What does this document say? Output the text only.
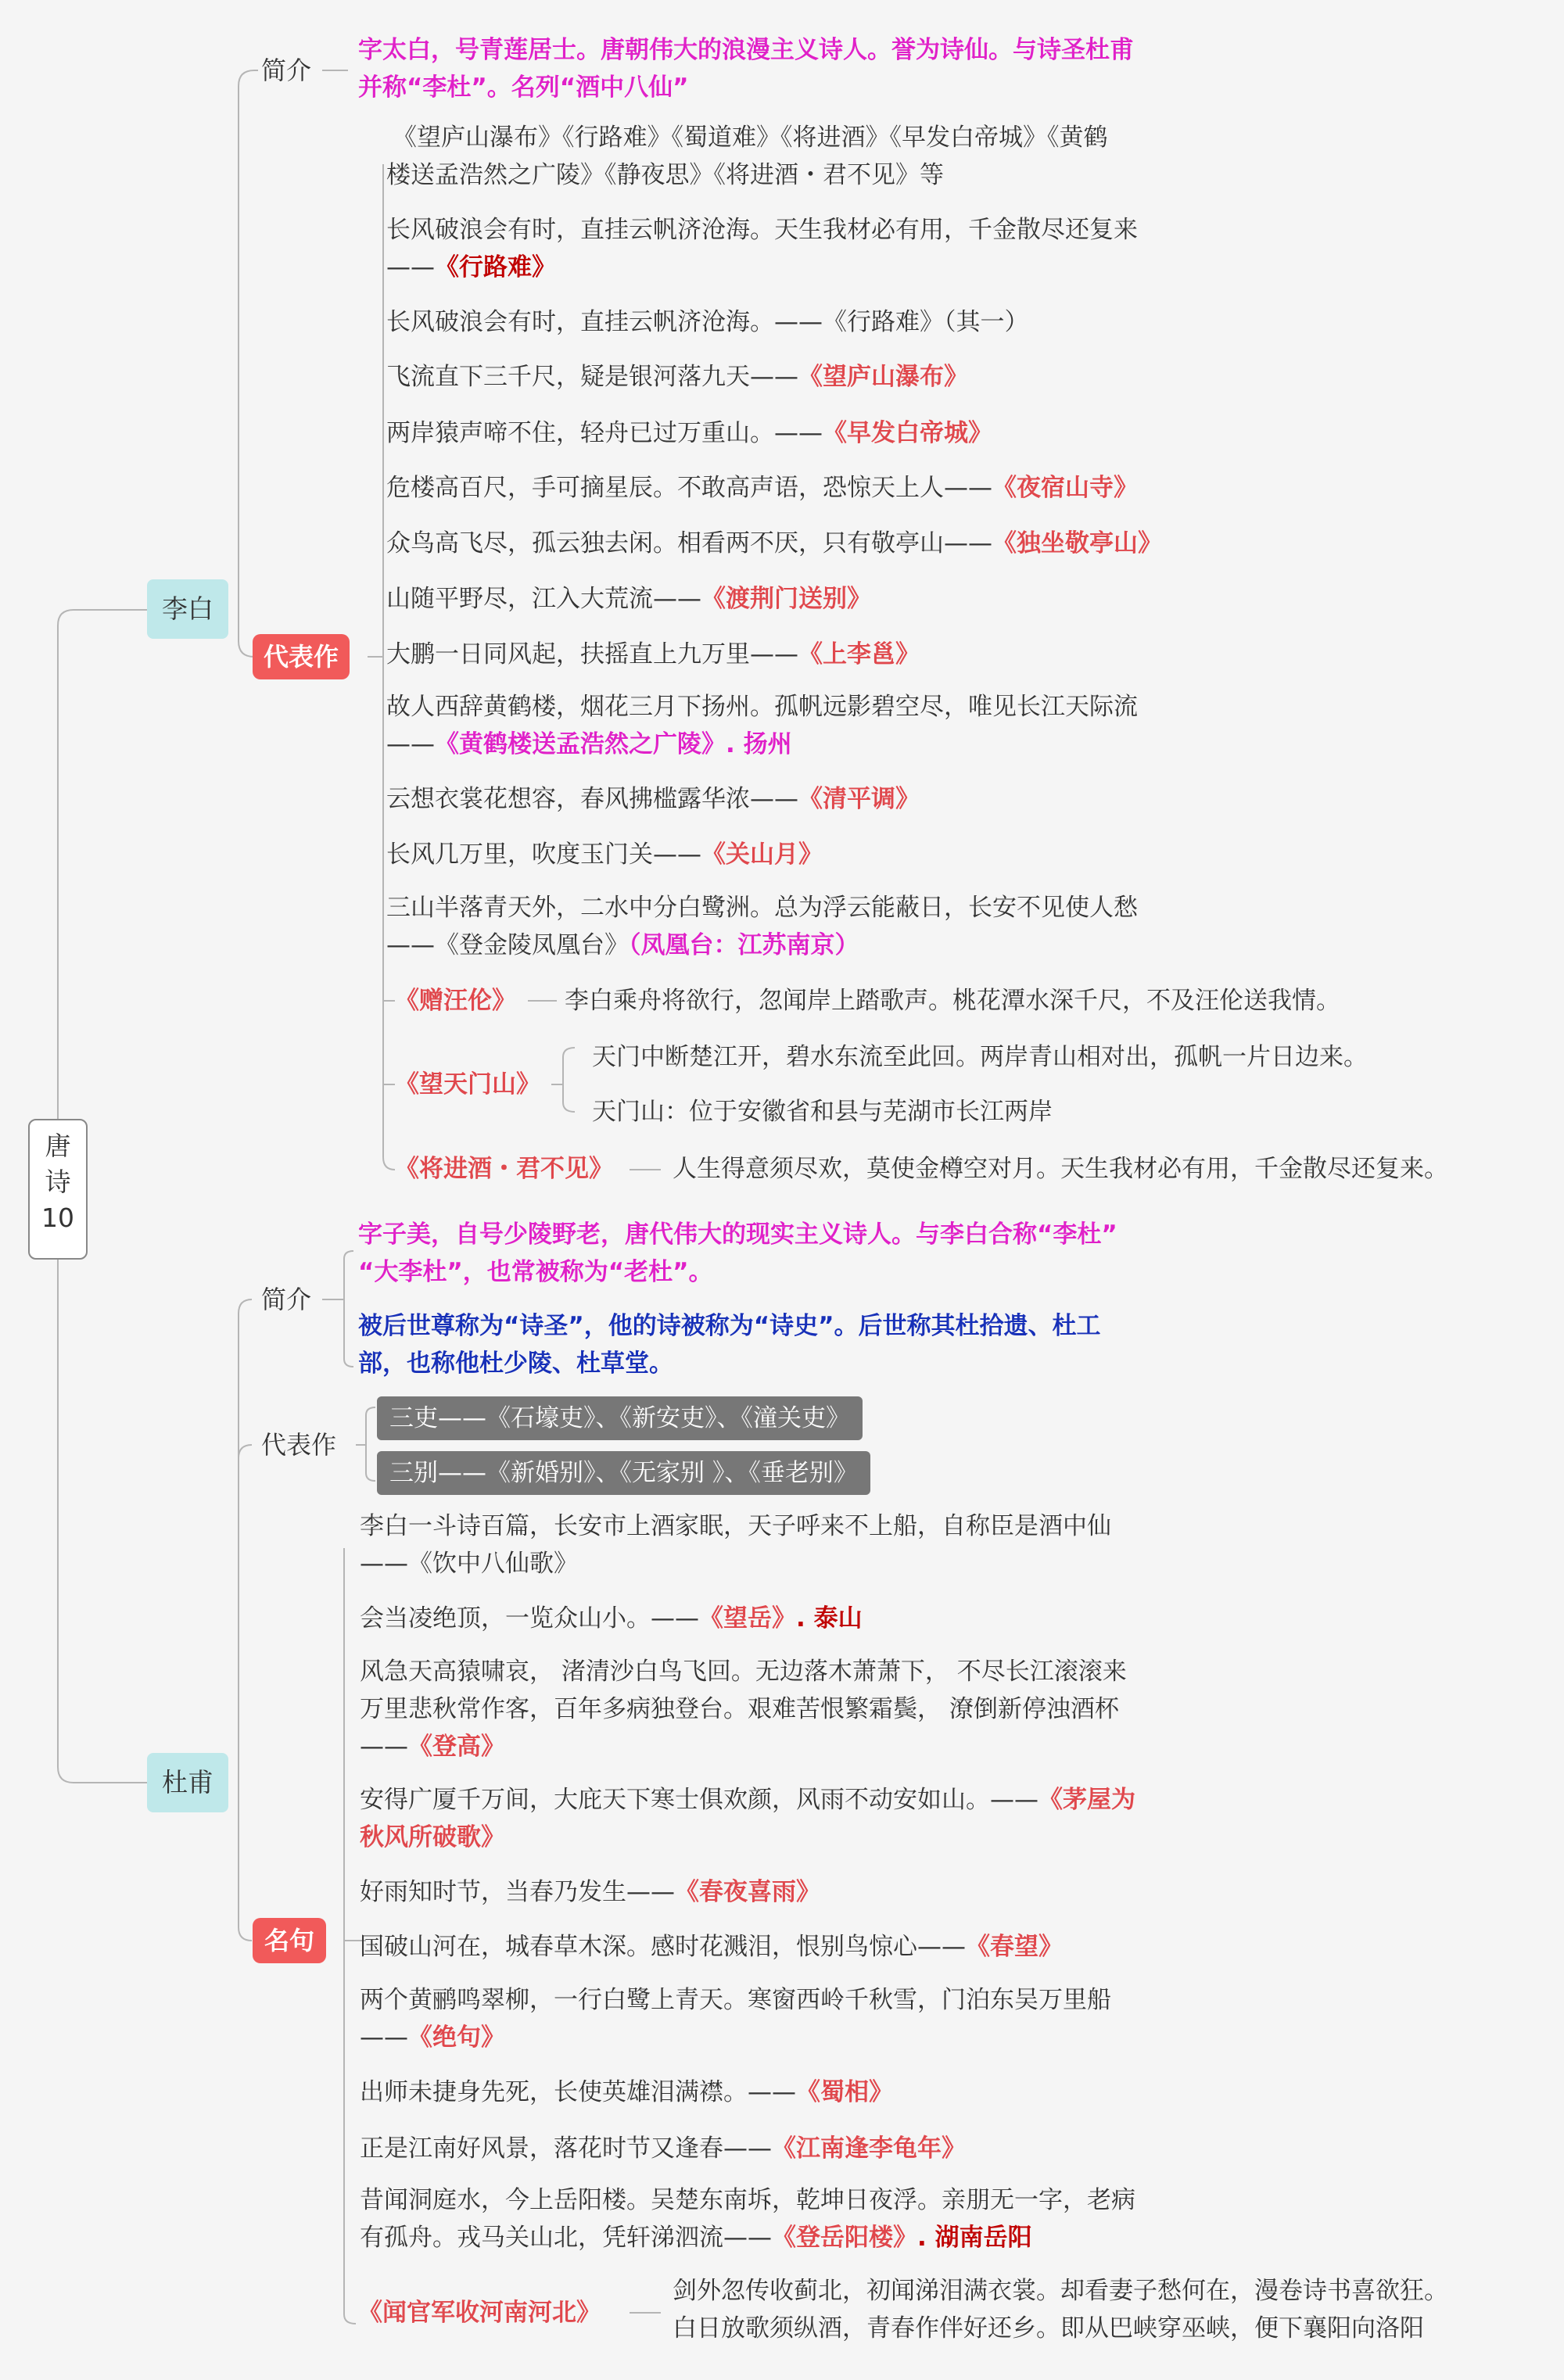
唐
诗
10
李白
简介
字太白，号青莲居士。唐朝伟大的浪漫主义诗人。誉为诗仙。与诗圣杜甫
并称“李杜”。名列“酒中八仙”
代表作
《望庐山瀑布》《行路难》《蜀道难》《将进酒》《早发白帝城》《黄鹤
楼送孟浩然之广陵》《静夜思》《将进酒・君不见》等
长风破浪会有时，直挂云帆济沧海。天生我材必有用，千金散尽还复来
——《行路难》
长风破浪会有时，直挂云帆济沧海。——《行路难》（其一）
飞流直下三千尺，疑是银河落九天——《望庐山瀑布》
两岸猿声啼不住，轻舟已过万重山。——《早发白帝城》
危楼高百尺，手可摘星辰。不敢高声语，恐惊天上人——《夜宿山寺》
众鸟高飞尽，孤云独去闲。相看两不厌，只有敬亭山——《独坐敬亭山》
山随平野尽，江入大荒流——《渡荆门送别》
大鹏一日同风起，扶摇直上九万里——《上李邕》
故人西辞黄鹤楼，烟花三月下扬州。孤帆远影碧空尽，唯见长江天际流
——《黄鹤楼送孟浩然之广陵》. 扬州
云想衣裳花想容，春风拂槛露华浓——《清平调》
长风几万里，吹度玉门关——《关山月》
三山半落青天外，二水中分白鹭洲。总为浮云能蔽日，长安不见使人愁
——《登金陵凤凰台》（凤凰台：江苏南京）
《赠汪伦》 李白乘舟将欲行，忽闻岸上踏歌声。桃花潭水深千尺，不及汪伦送我情。
《望天门山》
天门中断楚江开，碧水东流至此回。两岸青山相对出，孤帆一片日边来。
天门山：位于安徽省和县与芜湖市长江两岸
《将进酒・君不见》 人生得意须尽欢，莫使金樽空对月。天生我材必有用，千金散尽还复来。
杜甫
简介
字子美，自号少陵野老，唐代伟大的现实主义诗人。与李白合称“李杜”
“大李杜”，也常被称为“老杜”。
被后世尊称为“诗圣”，他的诗被称为“诗史”。后世称其杜拾遗、杜工
部，也称他杜少陵、杜草堂。
代表作
三吏——《石壕吏》、《新安吏》、《潼关吏》
三别——《新婚别》、《无家别 》、《垂老别》
名句
李白一斗诗百篇，长安市上酒家眠，天子呼来不上船，自称臣是酒中仙
——《饮中八仙歌》
会当凌绝顶，一览众山小。——《望岳》. 泰山
风急天高猿啸哀， 渚清沙白鸟飞回。无边落木萧萧下， 不尽长江滚滚来
万里悲秋常作客，百年多病独登台。艰难苦恨繁霜鬓， 潦倒新停浊酒杯
——《登高》
安得广厦千万间，大庇天下寒士俱欢颜，风雨不动安如山。——《茅屋为
秋风所破歌》
好雨知时节，当春乃发生——《春夜喜雨》
国破山河在，城春草木深。感时花溅泪，恨别鸟惊心——《春望》
两个黄鹂鸣翠柳，一行白鹭上青天。寒窗西岭千秋雪，门泊东吴万里船
——《绝句》
出师未捷身先死，长使英雄泪满襟。——《蜀相》
正是江南好风景，落花时节又逢春——《江南逢李龟年》
昔闻洞庭水，今上岳阳楼。吴楚东南坼，乾坤日夜浮。亲朋无一字，老病
有孤舟。戎马关山北，凭轩涕泗流——《登岳阳楼》. 湖南岳阳
《闻官军收河南河北》
剑外忽传收蓟北，初闻涕泪满衣裳。却看妻子愁何在，漫卷诗书喜欲狂。
白日放歌须纵酒，青春作伴好还乡。即从巴峡穿巫峡，便下襄阳向洛阳
